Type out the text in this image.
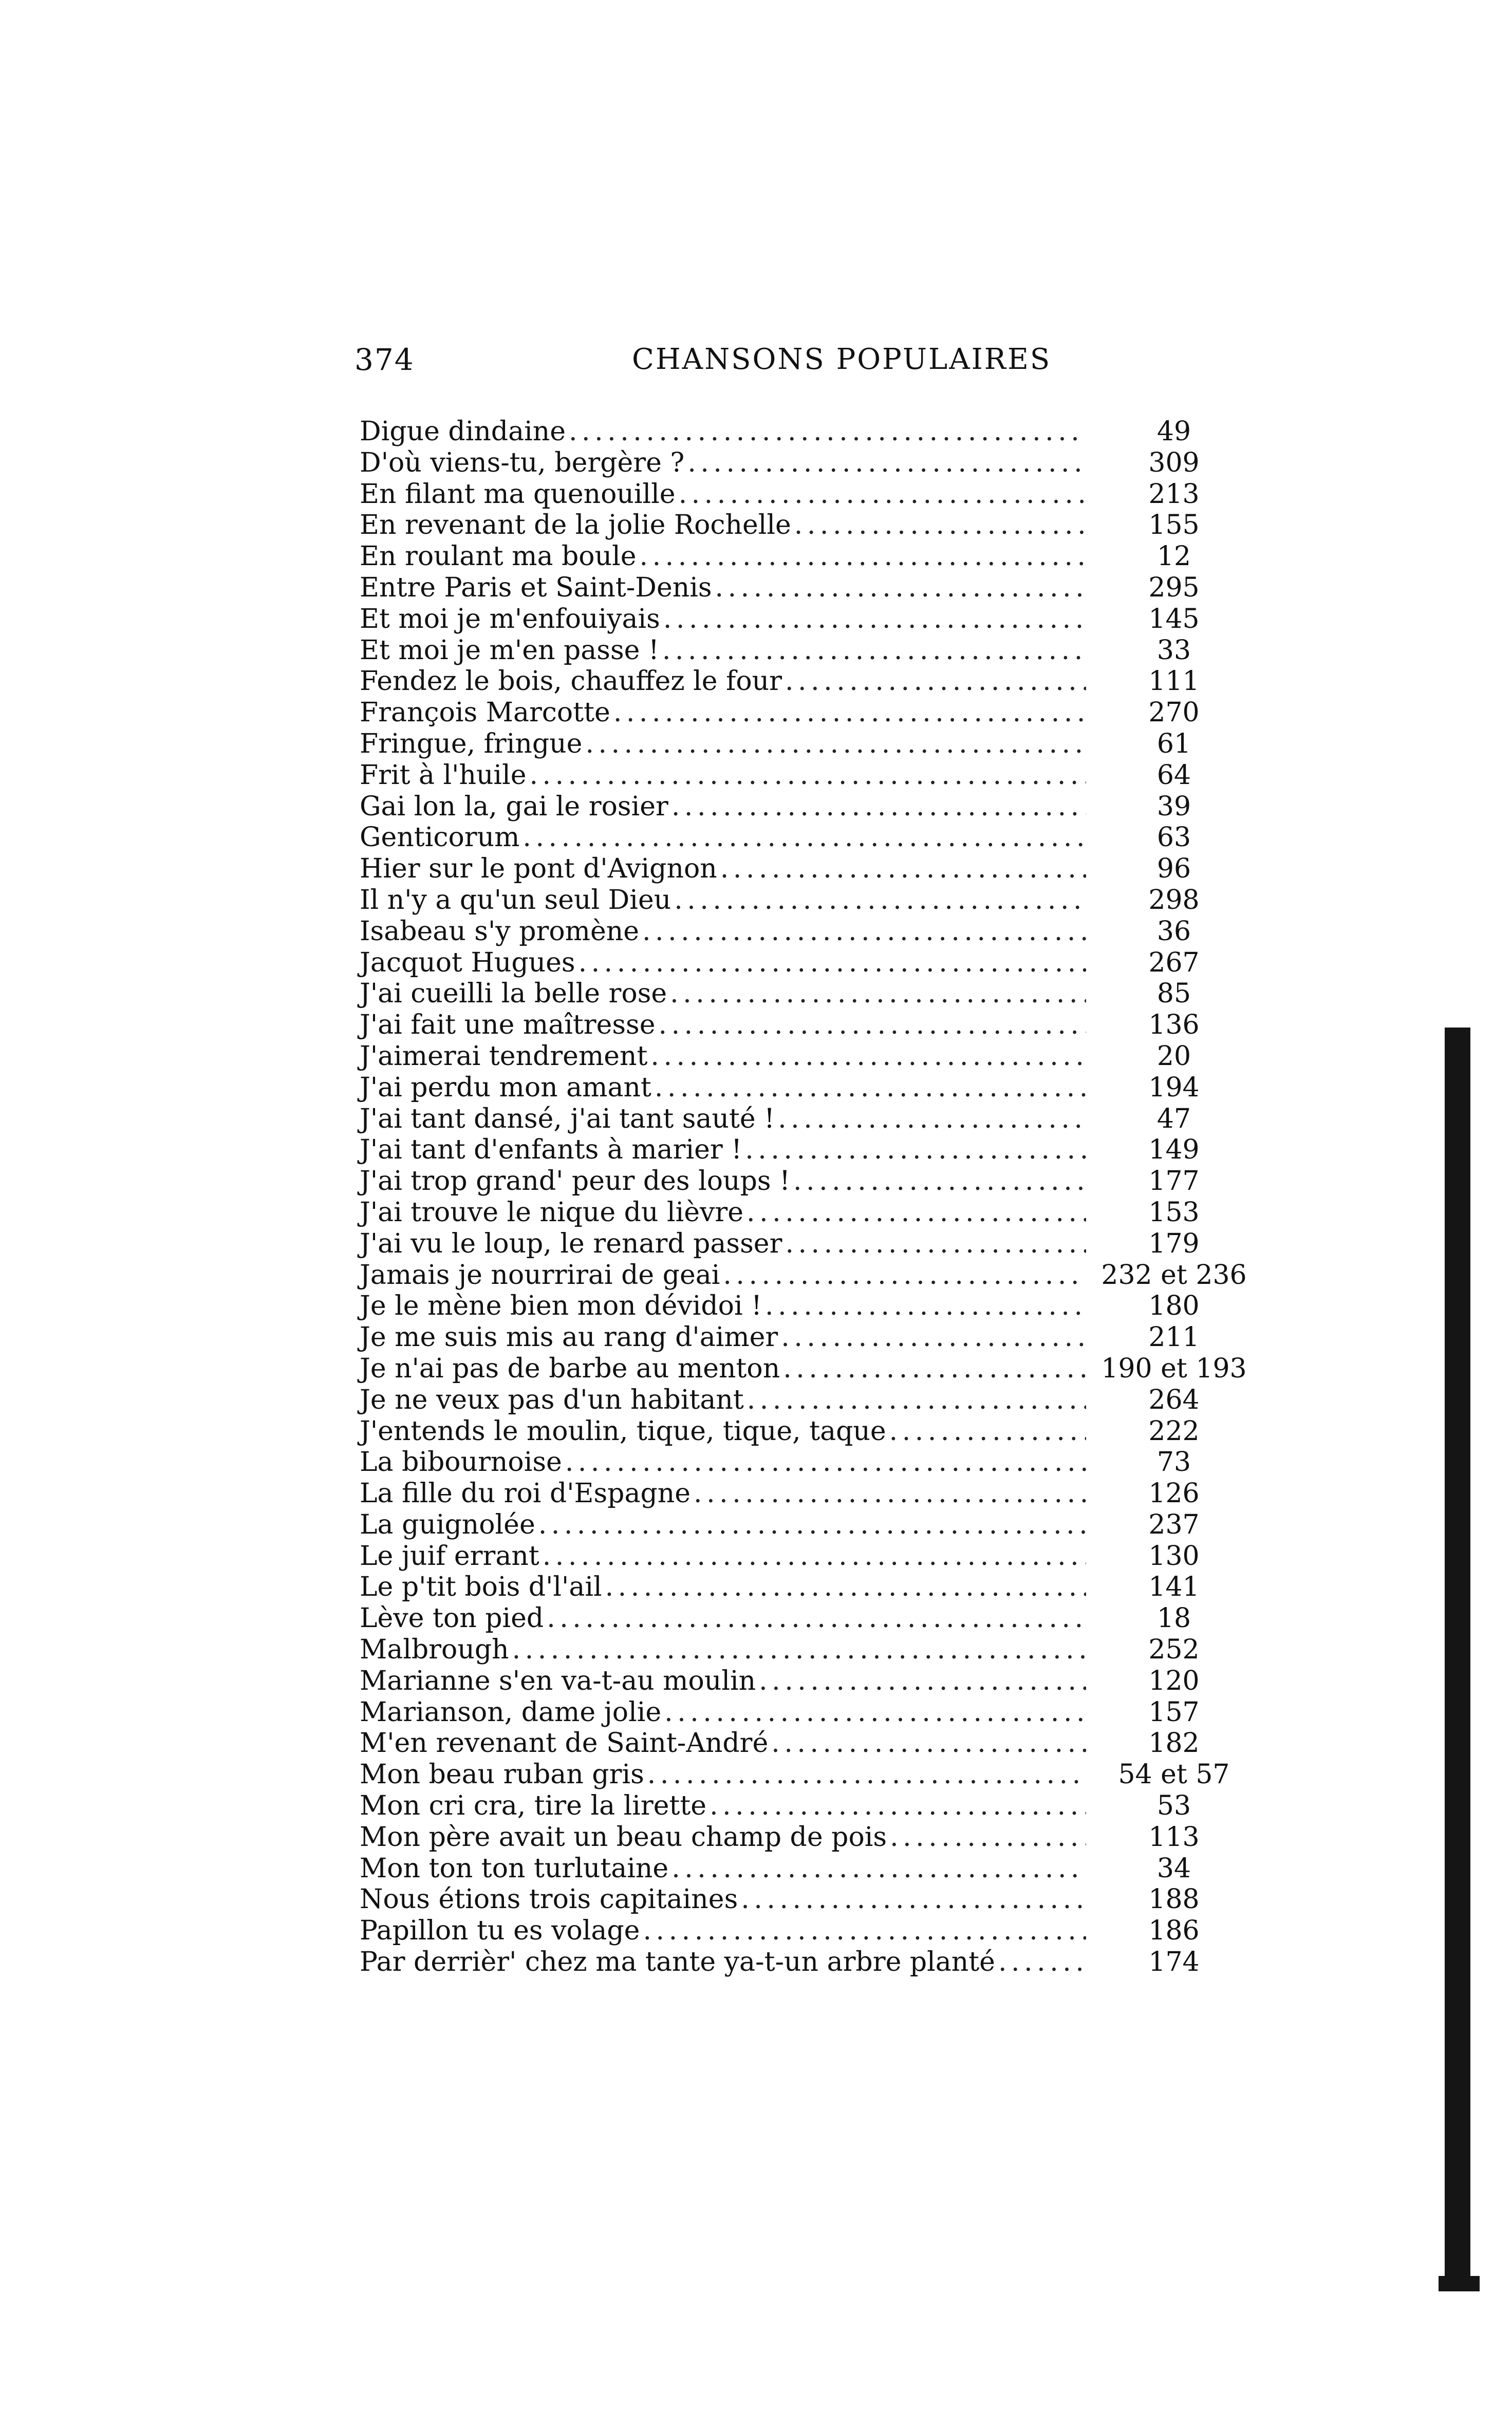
374	CHANSONS POPULAIRES
Digue dindaine . . .	49
D'où viens-tu, bergère ? . . .	309
En filant ma quenouille . . .	213
En revenant de la jolie Rochelle . . .	155
En roulant ma boule . . .	12
Entre Paris et Saint-Denis . . .	295
Et moi je m'enfouiyais . . .	145
Et moi je m'en passe ! . . .	33
Fendez le bois, chauffez le four . . .	111
François Marcotte . . .	270
Fringue, fringue . . .	61
Frit à l'huile . . .	64
Gai lon la, gai le rosier . . .	39
Genticorum . . .	63
Hier sur le pont d'Avignon . . .	96
Il n'y a qu'un seul Dieu . . .	298
Isabeau s'y promène . . .	36
Jacquot Hugues . . .	267
J'ai cueilli la belle rose . . .	85
J'ai fait une maîtresse . . .	136
J'aimerai tendrement . . .	20
J'ai perdu mon amant . . .	194
J'ai tant dansé, j'ai tant sauté ! . . .	47
J'ai tant d'enfants à marier ! . . .	149
J'ai trop grand' peur des loups ! . . .	177
J'ai trouve le nique du lièvre . . .	153
J'ai vu le loup, le renard passer . . .	179
Jamais je nourrirai de geai . . .	232 et 236
Je le mène bien mon dévidoi ! . . .	180
Je me suis mis au rang d'aimer . . .	211
Je n'ai pas de barbe au menton . . .	190 et 193
Je ne veux pas d'un habitant . . .	264
J'entends le moulin, tique, tique, taque . . .	222
La bibournoise . . .	73
La fille du roi d'Espagne . . .	126
La guignolée . . .	237
Le juif errant . . .	130
Le p'tit bois d'l'ail . . .	141
Lève ton pied . . .	18
Malbrough . . .	252
Marianne s'en va-t-au moulin . . .	120
Marianson, dame jolie . . .	157
M'en revenant de Saint-André . . .	182
Mon beau ruban gris . . .	54 et 57
Mon cri cra, tire la lirette . . .	53
Mon père avait un beau champ de pois . . .	113
Mon ton ton turlutaine . . .	34
Nous étions trois capitaines . . .	188
Papillon tu es volage . . .	186
Par derrièr' chez ma tante ya-t-un arbre planté . . .	174
